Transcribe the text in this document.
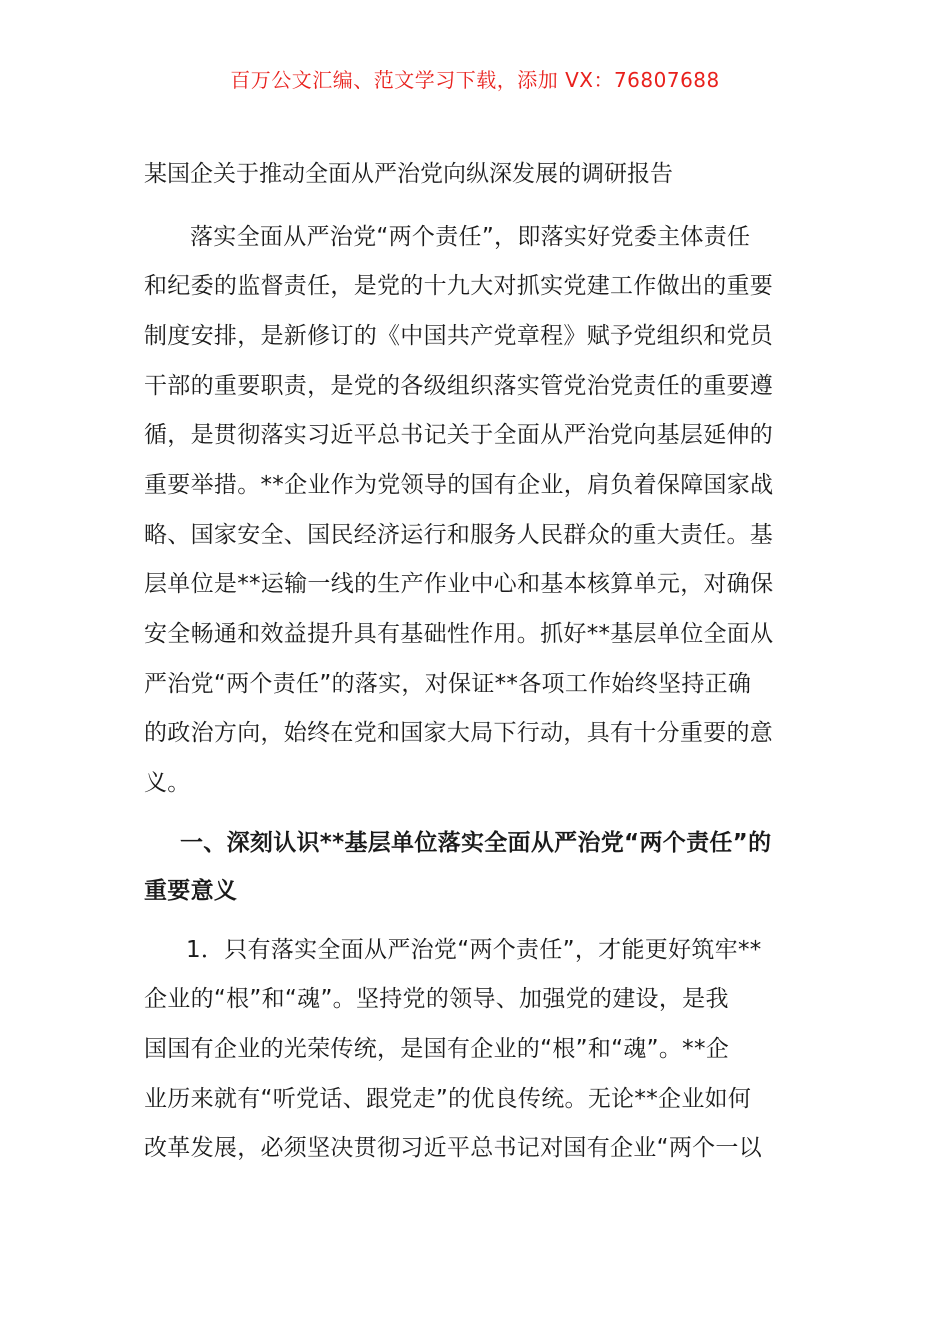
百万公文汇编、范文学习下载，添加 VX：76807688
某国企关于推动全面从严治党向纵深发展的调研报告
落实全面从严治党“两个责任”，即落实好党委主体责任
和纪委的监督责任，是党的十九大对抓实党建工作做出的重要
制度安排，是新修订的《中国共产党章程》赋予党组织和党员
干部的重要职责，是党的各级组织落实管党治党责任的重要遵
循，是贯彻落实习近平总书记关于全面从严治党向基层延伸的
重要举措。**企业作为党领导的国有企业，肩负着保障国家战
略、国家安全、国民经济运行和服务人民群众的重大责任。基
层单位是**运输一线的生产作业中心和基本核算单元，对确保
安全畅通和效益提升具有基础性作用。抓好**基层单位全面从
严治党“两个责任”的落实，对保证**各项工作始终坚持正确
的政治方向，始终在党和国家大局下行动，具有十分重要的意
义。
一、深刻认识**基层单位落实全面从严治党“两个责任”的
重要意义
1．只有落实全面从严治党“两个责任”，才能更好筑牢**
企业的“根”和“魂”。坚持党的领导、加强党的建设，是我
国国有企业的光荣传统，是国有企业的“根”和“魂”。**企
业历来就有“听党话、跟党走”的优良传统。无论**企业如何
改革发展，必须坚决贯彻习近平总书记对国有企业“两个一以
